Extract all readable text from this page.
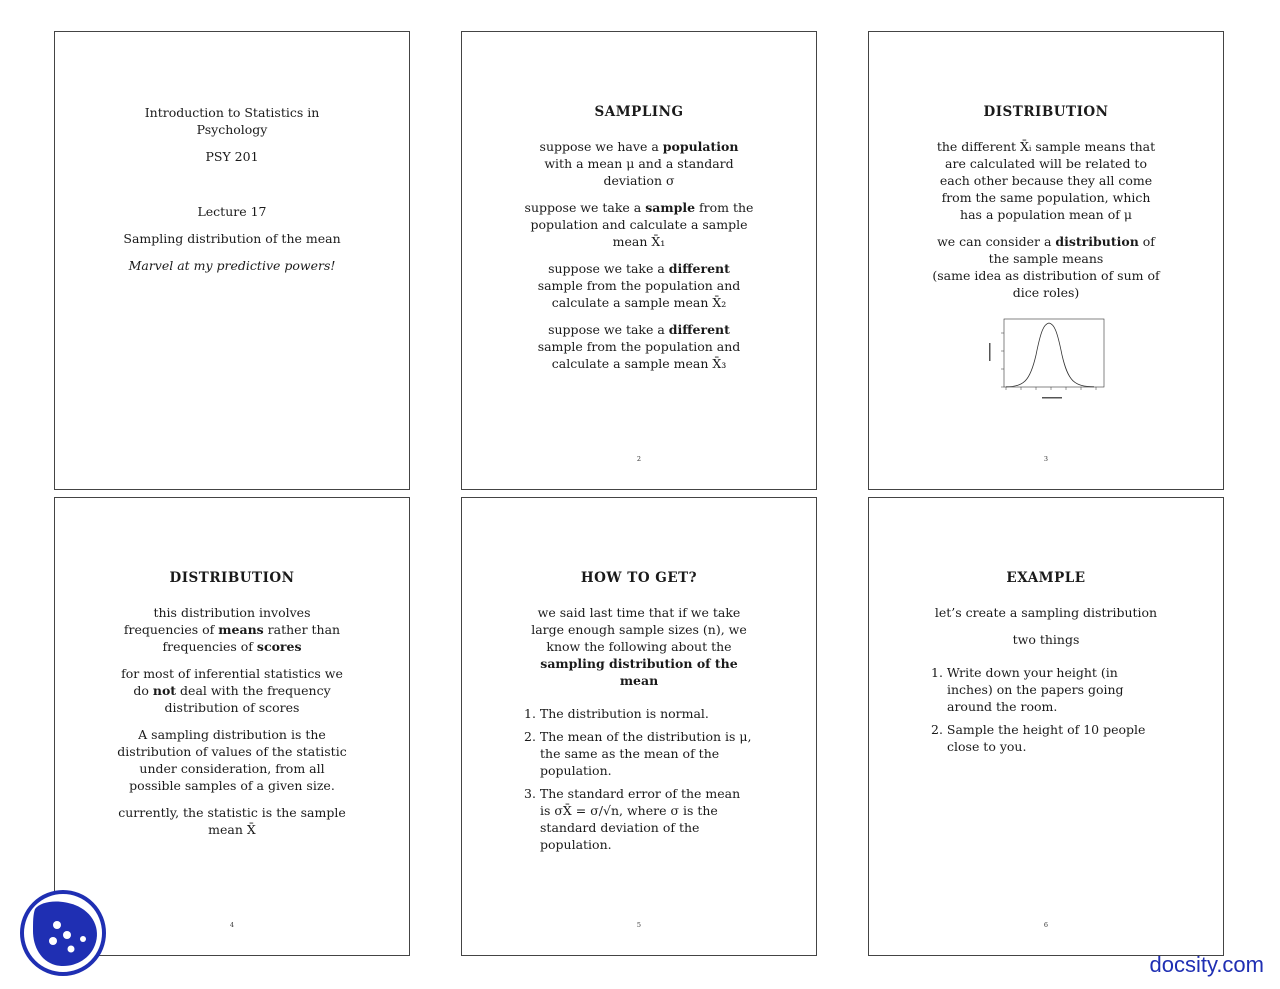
Introduction to Statistics in
Psychology
PSY 201
Lecture 17
Sampling distribution of the mean
Marvel at my predictive powers!
SAMPLING
suppose we have a population with a mean μ and a standard deviation σ
suppose we take a sample from the population and calculate a sample mean X̄₁
suppose we take a different sample from the population and calculate a sample mean X̄₂
suppose we take a different sample from the population and calculate a sample mean X̄₃
2
DISTRIBUTION
the different X̄ᵢ sample means that are calculated will be related to each other because they all come from the same population, which has a population mean of μ
we can consider a distribution of the sample means
(same idea as distribution of sum of dice roles)
3
DISTRIBUTION
this distribution involves frequencies of means rather than frequencies of scores
for most of inferential statistics we do not deal with the frequency distribution of scores
A sampling distribution is the distribution of values of the statistic under consideration, from all possible samples of a given size.
currently, the statistic is the sample mean X̄
4
HOW TO GET?
we said last time that if we take large enough sample sizes (n), we know the following about the sampling distribution of the mean
1. The distribution is normal.
2. The mean of the distribution is μ, the same as the mean of the population.
3. The standard error of the mean is σX̄ = σ/√n, where σ is the standard deviation of the population.
5
EXAMPLE
let’s create a sampling distribution
two things
1. Write down your height (in inches) on the papers going around the room.
2. Sample the height of 10 people close to you.
6
docsity.com
